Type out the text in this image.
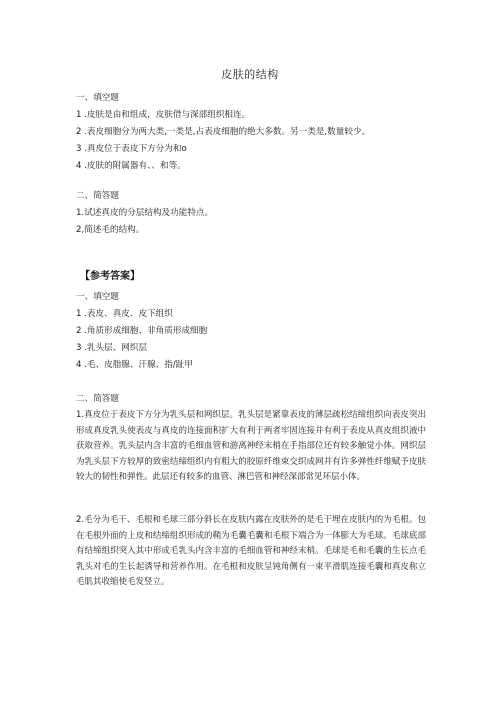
皮肤的结构
一、填空题
1 .皮肤是由和组成，皮肤借与深部组织相连。
2 .表皮细胞分为两大类,一类是,占表皮细胞的绝大多数。另一类是,数量较少。
3 .真皮位于表皮下方分为和o
4 .皮肤的附属器有、、和等。
二、简答题
1.试述真皮的分层结构及功能特点。
2,简述毛的结构。
【参考答案】
一、填空题
1 .表皮、真皮、皮下组织
2 .角质形成细胞、非角质形成细胞
3 .乳头层、网织层
4 .毛、皮脂腺、汗腺、指/趾甲
二、简答题
1.真皮位于表皮下方分为乳头层和网织层。乳头层是紧靠表皮的薄层疏松结缔组织向表皮突出形成真皮乳头使表皮与真皮的连接面积扩大有利于两者牢固连接并有利于表皮从真皮组织液中获取营养。乳头层内含丰富的毛细血管和游离神经末梢在手指部位还有较多触觉小体。网织层为乳头层下方较厚的致密结缔组织内有粗大的胶原纤维束交织成网并有许多弹性纤维赋予皮肤较大的韧性和弹性。此层还有较多的血管、淋巴管和神经深部常见环层小体。
2.毛分为毛干、毛根和毛球三部分斜长在皮肤内露在皮肤外的是毛干埋在皮肤内的为毛根。包在毛根外面的上皮和结缔组织形成的鞘为毛囊毛囊和毛根下端合为一体膨大为毛球。毛球底部有结缔组织突入其中形成毛乳头内含丰富的毛细血管和神经末梢。毛球是毛和毛囊的生长点毛乳头对毛的生长起诱导和营养作用。在毛根和皮肤呈钝角侧有一束平滑肌连接毛囊和真皮称立毛肌其收缩使毛发竖立。
